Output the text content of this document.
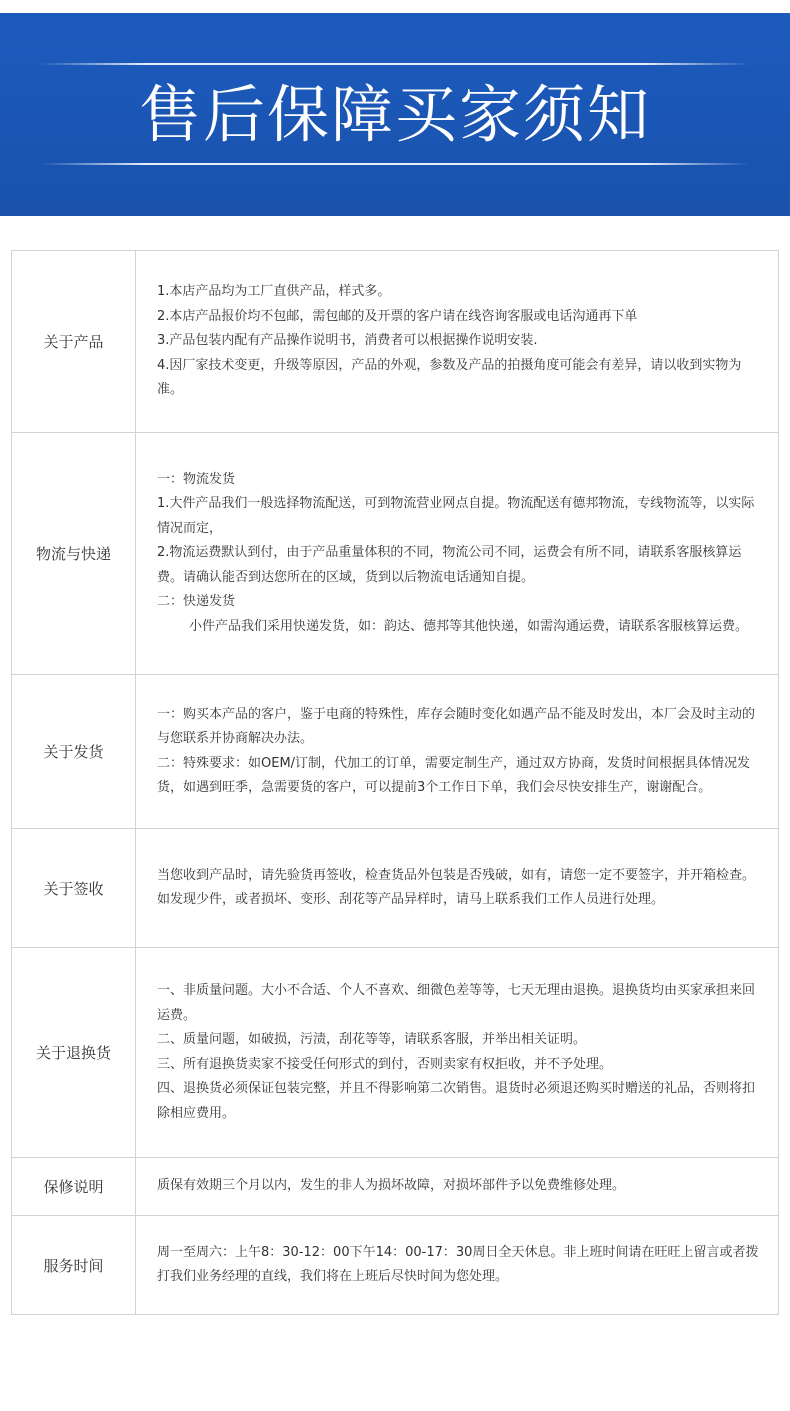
售后保障买家须知
关于产品	1.本店产品均为工厂直供产品，样式多。
2.本店产品报价均不包邮，需包邮的及开票的客户请在线咨询客服或电话沟通再下单
3.产品包装内配有产品操作说明书，消费者可以根据操作说明安装.
4.因厂家技术变更，升级等原因，产品的外观，参数及产品的拍摄角度可能会有差异，请以收到实物为准。

物流与快递	一：物流发货
1.大件产品我们一般选择物流配送，可到物流营业网点自提。物流配送有德邦物流，专线物流等，以实际情况而定，
2.物流运费默认到付，由于产品重量体积的不同，物流公司不同，运费会有所不同，请联系客服核算运费。请确认能否到达您所在的区域，货到以后物流电话通知自提。
二：快递发货
小件产品我们采用快递发货，如：韵达、德邦等其他快递，如需沟通运费，请联系客服核算运费。

关于发货	一：购买本产品的客户，鉴于电商的特殊性，库存会随时变化如遇产品不能及时发出，本厂会及时主动的与您联系并协商解决办法。
二：特殊要求：如OEM/订制，代加工的订单，需要定制生产，通过双方协商，发货时间根据具体情况发货，如遇到旺季，急需要货的客户，可以提前3个工作日下单，我们会尽快安排生产，谢谢配合。

关于签收	当您收到产品时，请先验货再签收，检查货品外包装是否残破，如有，请您一定不要签字，并开箱检查。
如发现少件，或者损坏、变形、刮花等产品异样时，请马上联系我们工作人员进行处理。

关于退换货	一、非质量问题。大小不合适、个人不喜欢、细微色差等等，七天无理由退换。退换货均由买家承担来回运费。
二、质量问题，如破损，污渍，刮花等等，请联系客服，并举出相关证明。
三、所有退换货卖家不接受任何形式的到付，否则卖家有权拒收，并不予处理。
四、退换货必须保证包装完整，并且不得影响第二次销售。退货时必须退还购买时赠送的礼品，否则将扣除相应费用。

保修说明	质保有效期三个月以内，发生的非人为损坏故障，对损坏部件予以免费维修处理。

服务时间	周一至周六：上午8：30-12：00下午14：00-17：30周日全天休息。非上班时间请在旺旺上留言或者拨打我们业务经理的直线，我们将在上班后尽快时间为您处理。
